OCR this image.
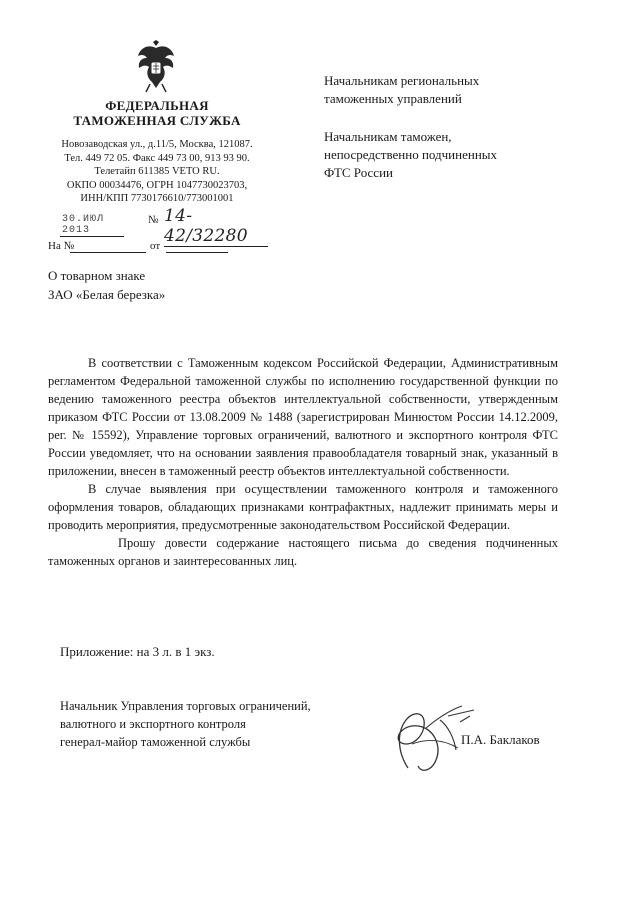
ФЕДЕРАЛЬНАЯ
ТАМОЖЕННАЯ СЛУЖБА
Новозаводская ул., д.11/5, Москва, 121087.
Тел. 449 72 05. Факс 449 73 00, 913 93 90.
Телетайп 611385 VETO RU.
ОКПО 00034476, ОГРН 1047730023703,
ИНН/КПП 7730176610/773001001
30.ИЮЛ 2013
№ 14-42/32280
На №	от
Начальникам региональных
таможенных управлений
Начальникам таможен,
непосредственно подчиненных
ФТС России
О товарном знаке
ЗАО «Белая березка»

В соответствии с Таможенным кодексом Российской Федерации, Административным регламентом Федеральной таможенной службы по исполнению государственной функции по ведению таможенного реестра объектов интеллектуальной собственности, утвержденным приказом ФТС России от 13.08.2009 № 1488 (зарегистрирован Минюстом России 14.12.2009, рег. № 15592), Управление торговых ограничений, валютного и экспортного контроля ФТС России уведомляет, что на основании заявления правообладателя товарный знак, указанный в приложении, внесен в таможенный реестр объектов интеллектуальной собственности.

В случае выявления при осуществлении таможенного контроля и таможенного оформления товаров, обладающих признаками контрафактных, надлежит принимать меры и проводить мероприятия, предусмотренные законодательством Российской Федерации.

Прошу довести содержание настоящего письма до сведения подчиненных таможенных органов и заинтересованных лиц.

Приложение: на 3 л. в 1 экз.
Начальник Управления торговых ограничений,
валютного и экспортного контроля
генерал-майор таможенной службы	П.А. Баклаков
